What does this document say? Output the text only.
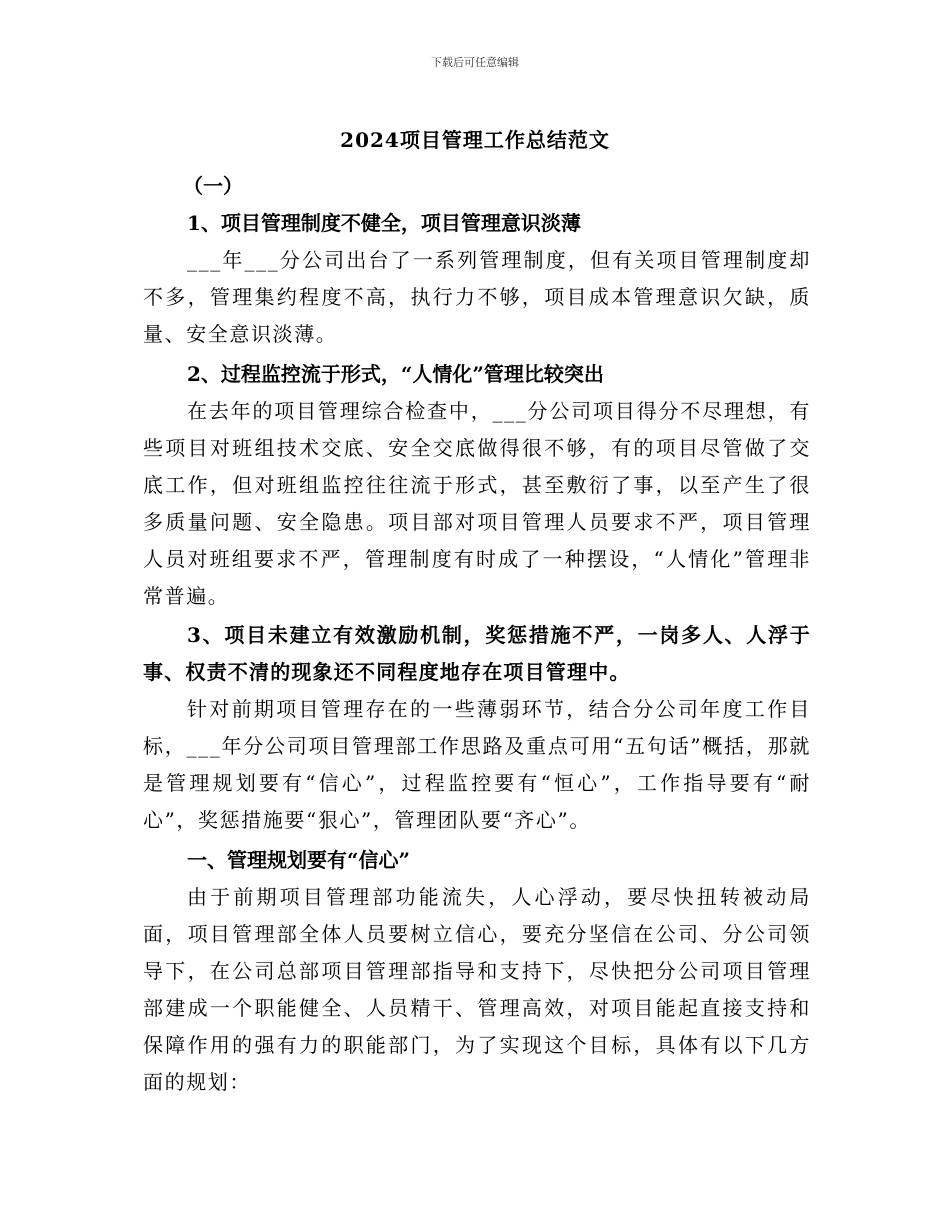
下载后可任意编辑
2024项目管理工作总结范文

（一）

1、项目管理制度不健全，项目管理意识淡薄

___年___分公司出台了一系列管理制度，但有关项目管理制度却不多，管理集约程度不高，执行力不够，项目成本管理意识欠缺，质量、安全意识淡薄。

2、过程监控流于形式，“人情化”管理比较突出

在去年的项目管理综合检查中，___分公司项目得分不尽理想，有些项目对班组技术交底、安全交底做得很不够，有的项目尽管做了交底工作，但对班组监控往往流于形式，甚至敷衍了事，以至产生了很多质量问题、安全隐患。项目部对项目管理人员要求不严，项目管理人员对班组要求不严，管理制度有时成了一种摆设，“人情化”管理非常普遍。

3、项目未建立有效激励机制，奖惩措施不严，一岗多人、人浮于事、权责不清的现象还不同程度地存在项目管理中。

针对前期项目管理存在的一些薄弱环节，结合分公司年度工作目标，___年分公司项目管理部工作思路及重点可用“五句话”概括，那就是管理规划要有“信心”，过程监控要有“恒心”，工作指导要有“耐心”，奖惩措施要“狠心”，管理团队要“齐心”。

一、管理规划要有“信心”

由于前期项目管理部功能流失，人心浮动，要尽快扭转被动局面，项目管理部全体人员要树立信心，要充分坚信在公司、分公司领导下，在公司总部项目管理部指导和支持下，尽快把分公司项目管理部建成一个职能健全、人员精干、管理高效，对项目能起直接支持和保障作用的强有力的职能部门，为了实现这个目标，具体有以下几方面的规划：
